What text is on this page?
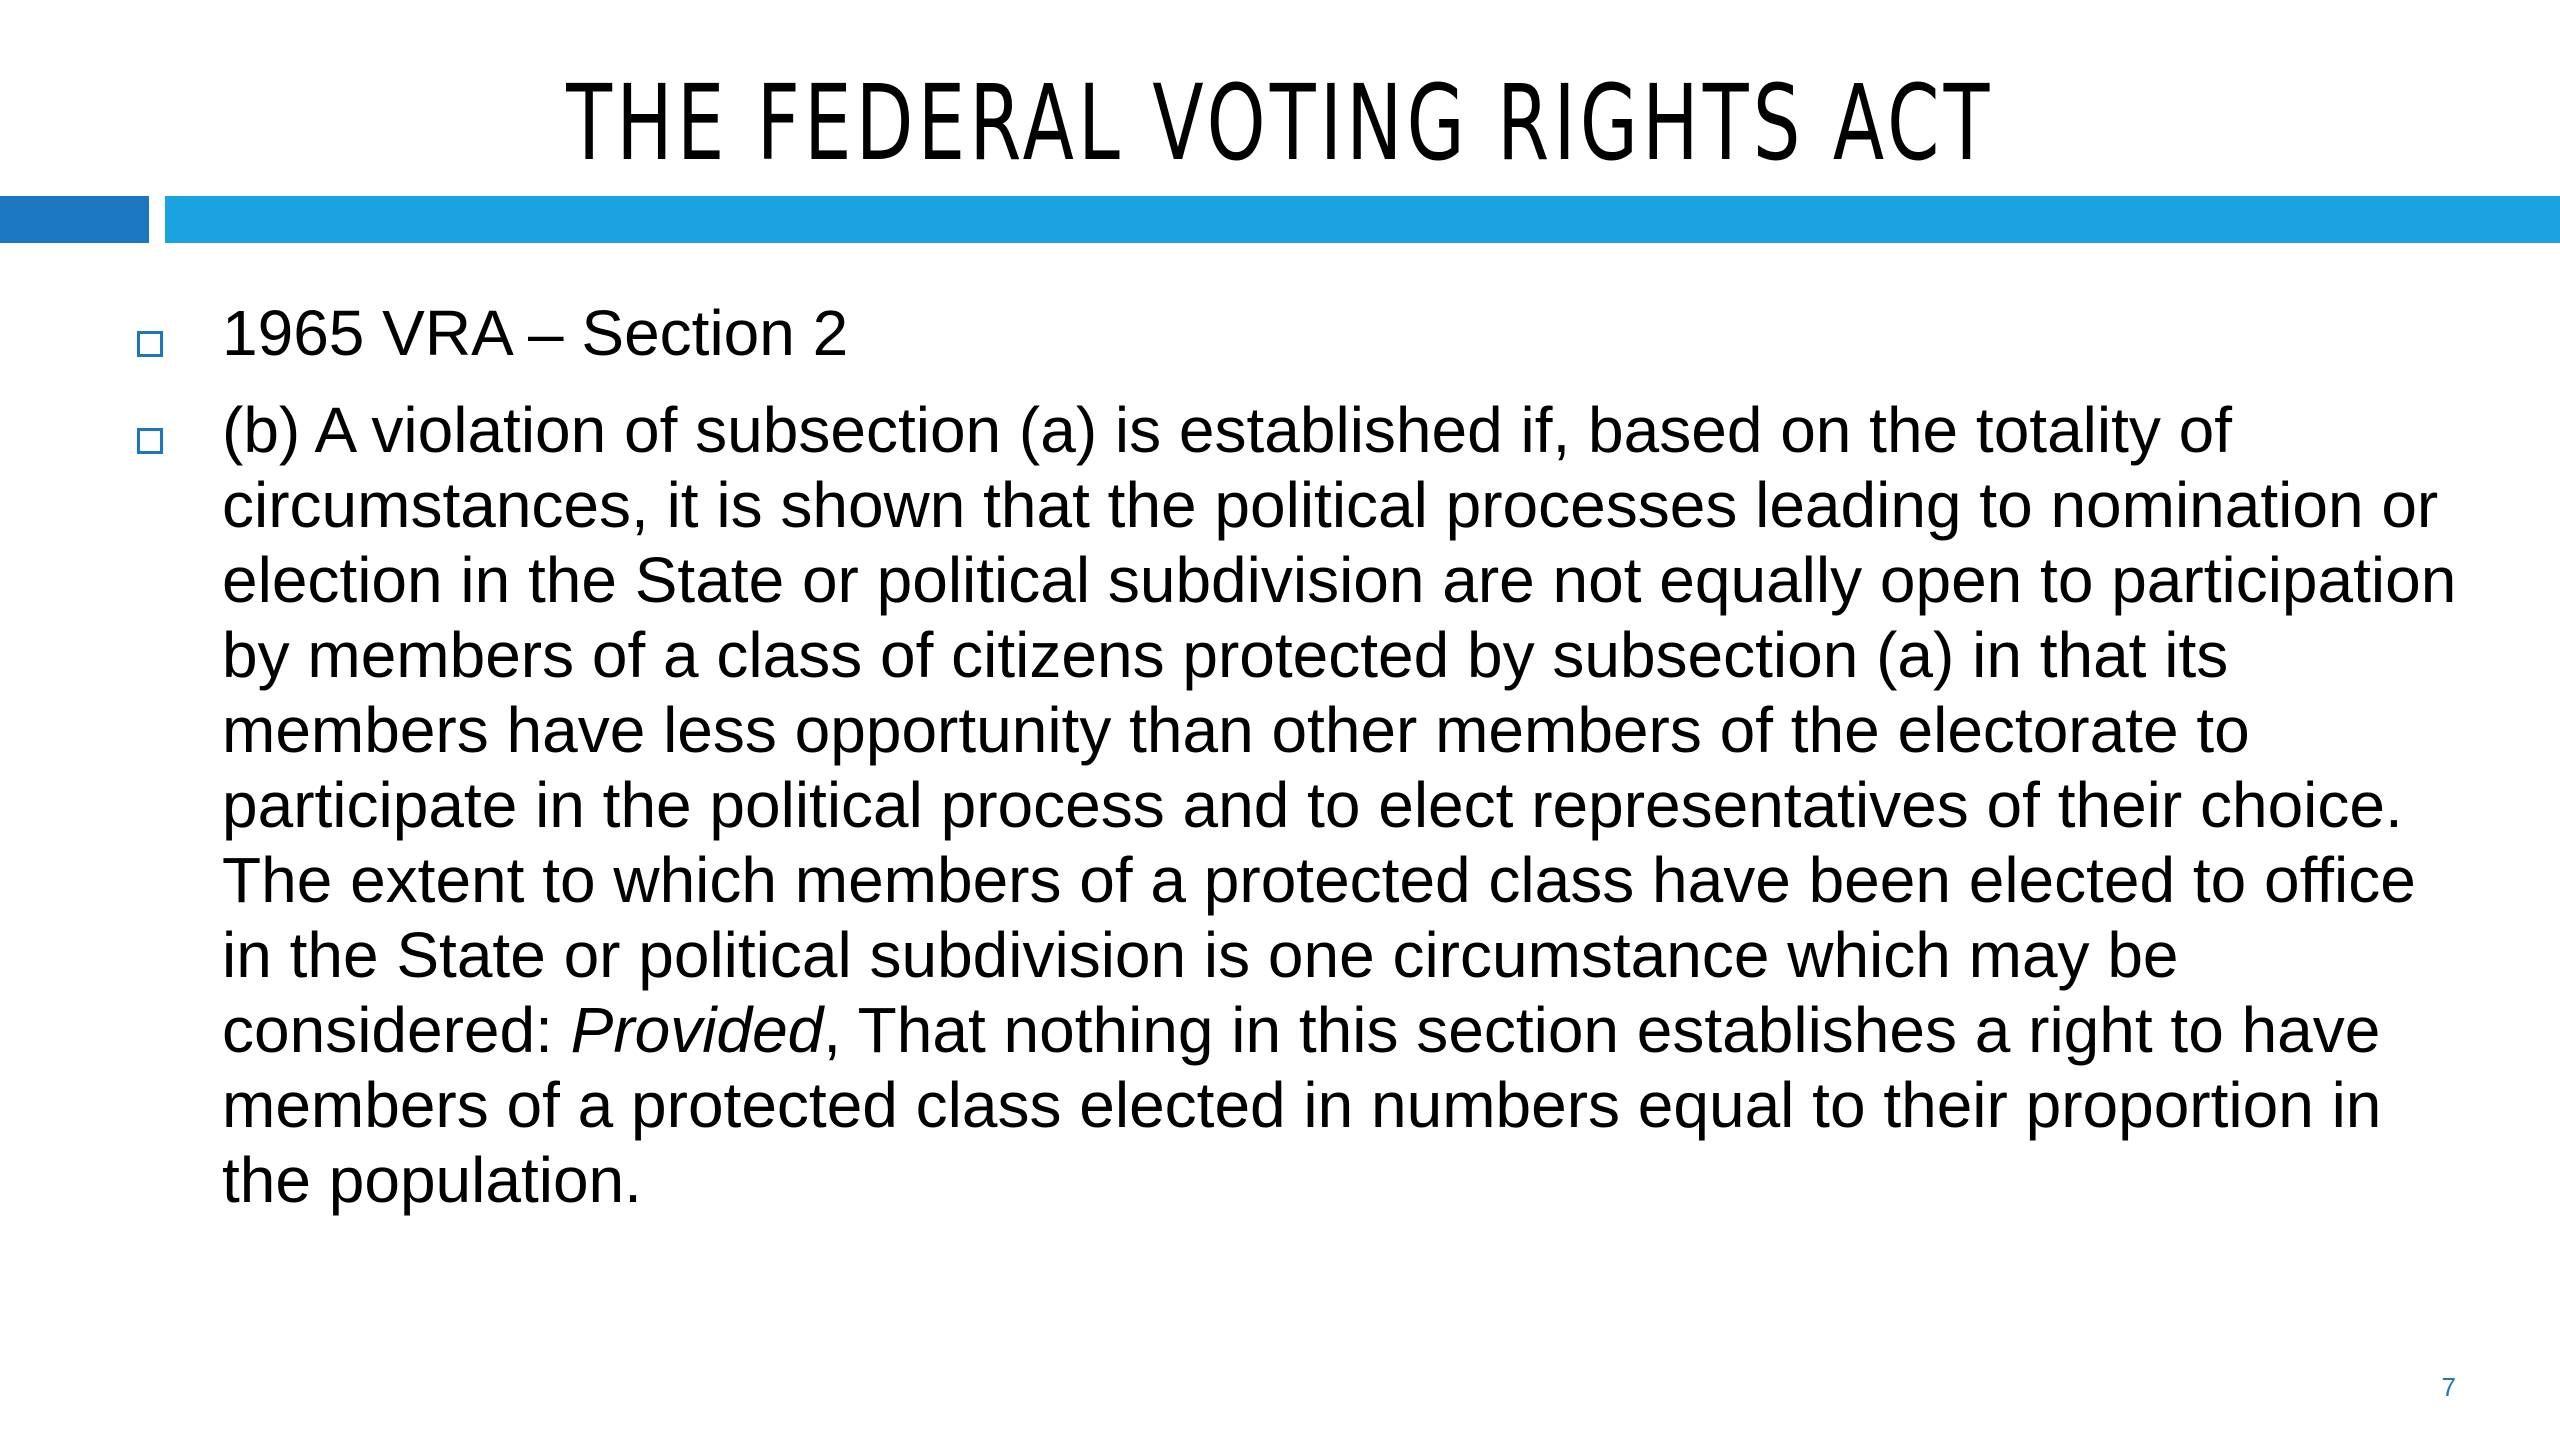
THE FEDERAL VOTING RIGHTS ACT
1965 VRA – Section 2
(b) A violation of subsection (a) is established if, based on the totality of circumstances, it is shown that the political processes leading to nomination or election in the State or political subdivision are not equally open to participation by members of a class of citizens protected by subsection (a) in that its members have less opportunity than other members of the electorate to participate in the political process and to elect representatives of their choice. The extent to which members of a protected class have been elected to office in the State or political subdivision is one circumstance which may be considered: Provided, That nothing in this section establishes a right to have members of a protected class elected in numbers equal to their proportion in the population.
7
